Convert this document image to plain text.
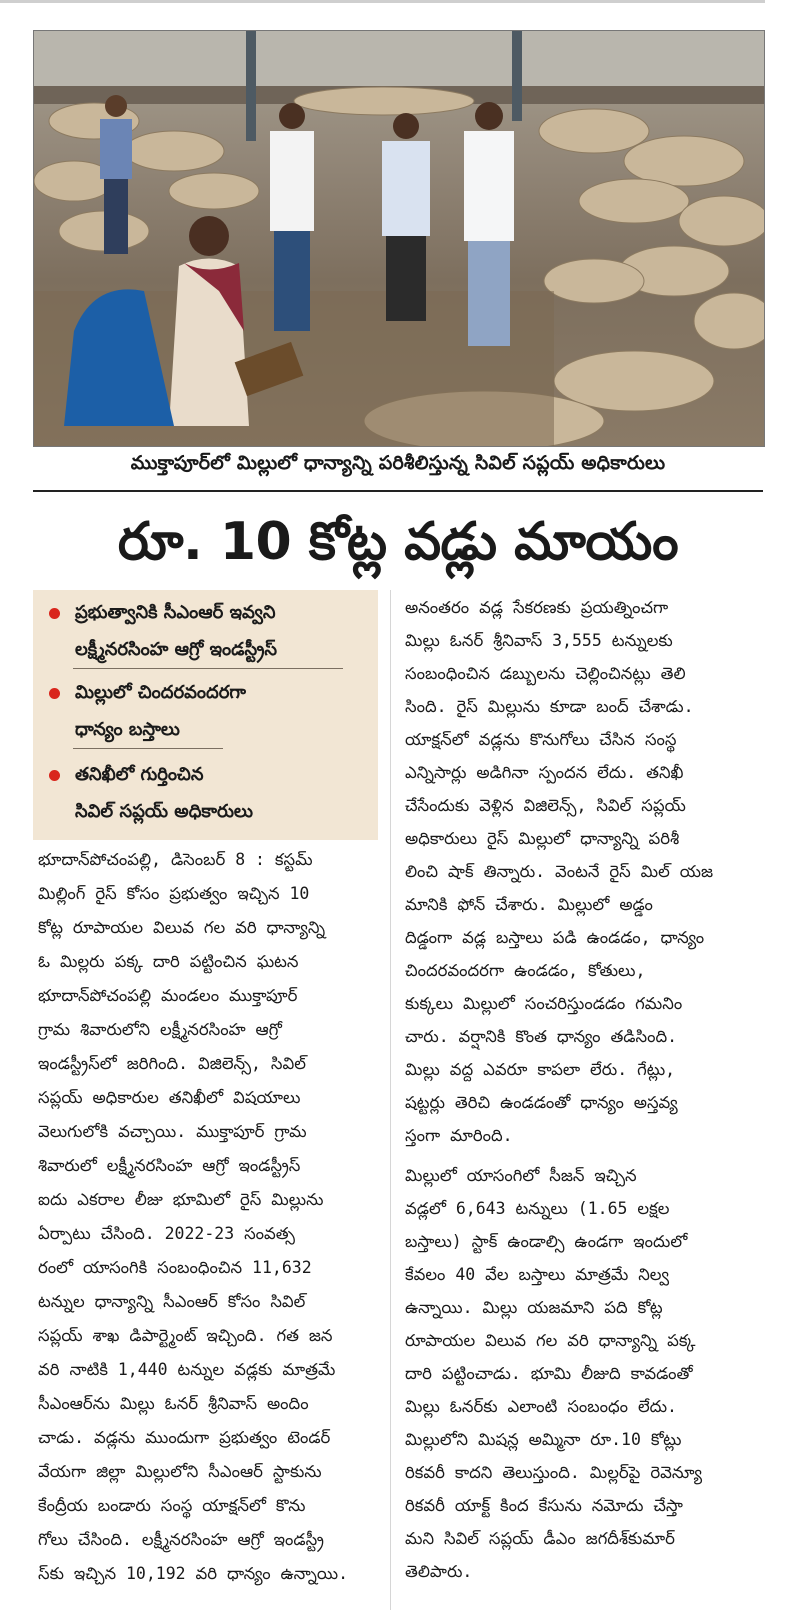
ముక్తాపూర్‌లో మిల్లులో ధాన్యాన్ని పరిశీలిస్తున్న సివిల్ సప్లయ్ అధికారులు
రూ. 10 కోట్ల వడ్లు మాయం
ప్రభుత్వానికి సీఎంఆర్ ఇవ్వని
లక్ష్మీనరసింహ ఆగ్రో ఇండస్ట్రీస్
మిల్లులో చిందరవందరగా
ధాన్యం బస్తాలు
తనిఖీలో గుర్తించిన
సివిల్ సప్లయ్ అధికారులు
భూదాన్‌పోచంపల్లి, డిసెంబర్ 8 : కస్టమ్
మిల్లింగ్ రైస్ కోసం ప్రభుత్వం ఇచ్చిన 10
కోట్ల రూపాయల విలువ గల వరి ధాన్యాన్ని
ఓ మిల్లరు పక్క దారి పట్టించిన ఘటన
భూదాన్‌పోచంపల్లి మండలం ముక్తాపూర్
గ్రామ శివారులోని లక్ష్మీనరసింహ ఆగ్రో
ఇండస్ట్రీస్‌లో జరిగింది. విజిలెన్స్, సివిల్
సప్లయ్ అధికారుల తనిఖీలో విషయాలు
వెలుగులోకి వచ్చాయి. ముక్తాపూర్ గ్రామ
శివారులో లక్ష్మీనరసింహ ఆగ్రో ఇండస్ట్రీస్
ఐదు ఎకరాల లీజు భూమిలో రైస్ మిల్లును
ఏర్పాటు చేసింది. 2022-23 సంవత్స
రంలో యాసంగికి సంబంధించిన 11,632
టన్నుల ధాన్యాన్ని సీఎంఆర్ కోసం సివిల్
సప్లయ్ శాఖ డిపార్ట్మెంట్ ఇచ్చింది. గత జన
వరి నాటికి 1,440 టన్నుల వడ్లకు మాత్రమే
సీఎంఆర్‌ను మిల్లు ఓనర్ శ్రీనివాస్ అందిం
చాడు. వడ్లను ముందుగా ప్రభుత్వం టెండర్
వేయగా జిల్లా మిల్లులోని సీఎంఆర్ స్టాకును
కేంద్రీయ బండారు సంస్థ యాక్షన్‌లో కొను
గోలు చేసింది. లక్ష్మీనరసింహ ఆగ్రో ఇండస్ట్రీ
స్‌కు ఇచ్చిన 10,192 వరి ధాన్యం ఉన్నాయి.
అనంతరం వడ్ల సేకరణకు ప్రయత్నించగా
మిల్లు ఓనర్ శ్రీనివాస్ 3,555 టన్నులకు
సంబంధించిన డబ్బులను చెల్లించినట్లు తెలి
సింది. రైస్ మిల్లును కూడా బంద్ చేశాడు.
యాక్షన్‌లో వడ్లను కొనుగోలు చేసిన సంస్థ
ఎన్నిసార్లు అడిగినా స్పందన లేదు. తనిఖీ
చేసేందుకు వెళ్లిన విజిలెన్స్, సివిల్ సప్లయ్
అధికారులు రైస్ మిల్లులో ధాన్యాన్ని పరిశీ
లించి షాక్ తిన్నారు. వెంటనే రైస్ మిల్ యజ
మానికి ఫోన్ చేశారు. మిల్లులో అడ్డం
దిడ్డంగా వడ్ల బస్తాలు పడి ఉండడం, ధాన్యం
చిందరవందరగా ఉండడం, కోతులు,
కుక్కలు మిల్లులో సంచరిస్తుండడం గమనిం
చారు. వర్షానికి కొంత ధాన్యం తడిసింది.
మిల్లు వద్ద ఎవరూ కాపలా లేరు. గేట్లు,
షట్టర్లు తెరిచి ఉండడంతో ధాన్యం అస్తవ్య
స్తంగా మారింది.
మిల్లులో యాసంగిలో సీజన్ ఇచ్చిన
వడ్లలో 6,643 టన్నులు (1.65 లక్షల
బస్తాలు) స్టాక్ ఉండాల్సి ఉండగా ఇందులో
కేవలం 40 వేల బస్తాలు మాత్రమే నిల్వ
ఉన్నాయి. మిల్లు యజమాని పది కోట్ల
రూపాయల విలువ గల వరి ధాన్యాన్ని పక్క
దారి పట్టించాడు. భూమి లీజుది కావడంతో
మిల్లు ఓనర్‌కు ఎలాంటి సంబంధం లేదు.
మిల్లులోని మిషన్ల అమ్మినా రూ.10 కోట్లు
రికవరీ కాదని తెలుస్తుంది. మిల్లర్‌పై రెవెన్యూ
రికవరీ యాక్ట్ కింద కేసును నమోదు చేస్తా
మని సివిల్ సప్లయ్ డీఎం జగదీశ్‌కుమార్
తెలిపారు.
